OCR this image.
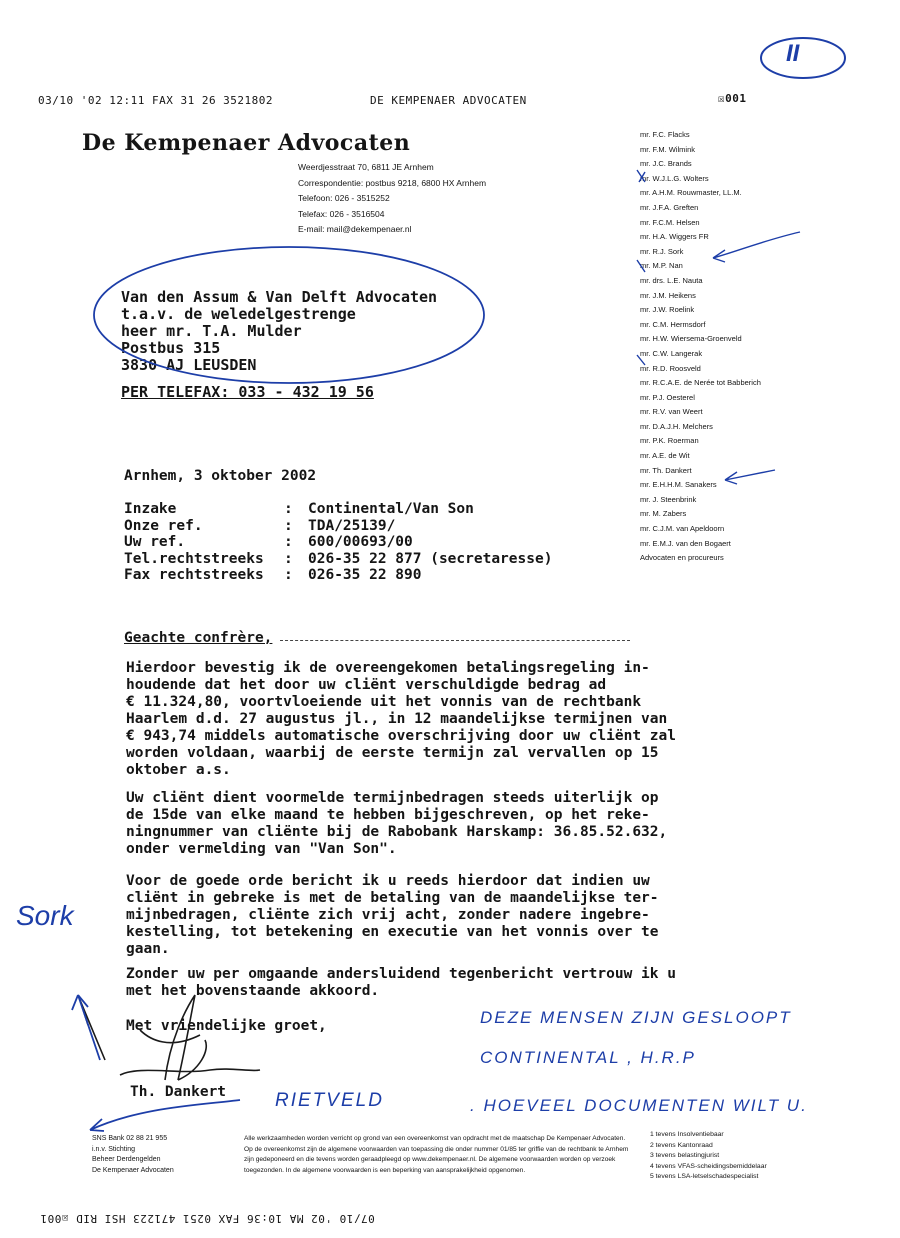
03/10 '02 12:11 FAX 31 26 3521802	DE KEMPENAER ADVOCATEN	☒001
De Kempenaer Advocaten
Weerdjesstraat 70, 6811 JE Arnhem
Correspondentie: postbus 9218, 6800 HX Arnhem
Telefoon: 026 - 3515252
Telefax: 026 - 3516504
E-mail: mail@dekempenaer.nl
mr. F.C. Flacks
mr. F.M. Wilmink
mr. J.C. Brands
mr. W.J.L.G. Wolters
mr. A.H.M. Rouwmaster, LL.M.
mr. J.F.A. Greften
mr. F.C.M. Helsen
mr. H.A. Wiggers FR
mr. R.J. Sork
mr. M.P. Nan
mr. drs. L.E. Nauta
mr. J.M. Heikens
mr. J.W. Roelink
mr. C.M. Hermsdorf
mr. H.W. Wiersema-Groenveld
mr. C.W. Langerak
mr. R.D. Roosveld
mr. R.C.A.E. de Nerée tot Babberich
mr. P.J. Oesterel
mr. R.V. van Weert
mr. D.A.J.H. Melchers
mr. P.K. Roerman
mr. A.E. de Wit
mr. Th. Dankert
mr. E.H.H.M. Sanakers
mr. J. Steenbrink
mr. M. Zabers
mr. C.J.M. van Apeldoorn
mr. E.M.J. van den Bogaert
Advocaten en procureurs
Van den Assum & Van Delft Advocaten
t.a.v. de weledelgestrenge
heer mr. T.A. Mulder
Postbus 315
3830 AJ LEUSDEN
PER TELEFAX: 033 - 432 19 56
Arnhem, 3 oktober 2002
Inzake	:	Continental/Van Son
Onze ref.	:	TDA/25139/
Uw ref.	:	600/00693/00
Tel.rechtstreeks	:	026-35 22 877 (secretaresse)
Fax rechtstreeks	:	026-35 22 890
Geachte confrère,
Hierdoor bevestig ik de overeengekomen betalingsregeling in-
houdende dat het door uw cliënt verschuldigde bedrag ad
€ 11.324,80, voortvloeiende uit het vonnis van de rechtbank
Haarlem d.d. 27 augustus jl., in 12 maandelijkse termijnen van
€ 943,74 middels automatische overschrijving door uw cliënt zal
worden voldaan, waarbij de eerste termijn zal vervallen op 15
oktober a.s.
Uw cliënt dient voormelde termijnbedragen steeds uiterlijk op
de 15de van elke maand te hebben bijgeschreven, op het reke-
ningnummer van cliënte bij de Rabobank Harskamp: 36.85.52.632,
onder vermelding van "Van Son".
Voor de goede orde bericht ik u reeds hierdoor dat indien uw
cliënt in gebreke is met de betaling van de maandelijkse ter-
mijnbedragen, cliënte zich vrij acht, zonder nadere ingebre-
kestelling, tot betekening en executie van het vonnis over te
gaan.
Zonder uw per omgaande andersluidend tegenbericht vertrouw ik u
met het bovenstaande akkoord.
Met vriendelijke groet,
Th. Dankert
II
Sork
DEZE MENSEN ZIJN GESLOOPT
CONTINENTAL , H.R.P
RIETVELD	. HOEVEEL DOCUMENTEN WILT U.
SNS Bank 02 88 21 955
i.n.v. Stichting
Beheer Derdengelden
De Kempenaer Advocaten
Alle werkzaamheden worden verricht op grond van een overeenkomst van opdracht met de maatschap De Kempenaer Advocaten. Op de overeenkomst zijn de algemene voorwaarden van toepassing die onder nummer 01/85 ter griffie van de rechtbank te Arnhem zijn gedeponeerd en die tevens worden geraadpleegd op www.dekempenaer.nl. De algemene voorwaarden worden op verzoek toegezonden. In de algemene voorwaarden is een beperking van aansprakelijkheid opgenomen.
1 tevens Insolventiebaar
2 tevens Kantonraad
3 tevens belastingjurist
4 tevens VFAS-scheidingsbemiddelaar
5 tevens LSA-letselschadespecialist
07/10 '02 MA 10:36 FAX 0251 471223 HSI RID ☒001
